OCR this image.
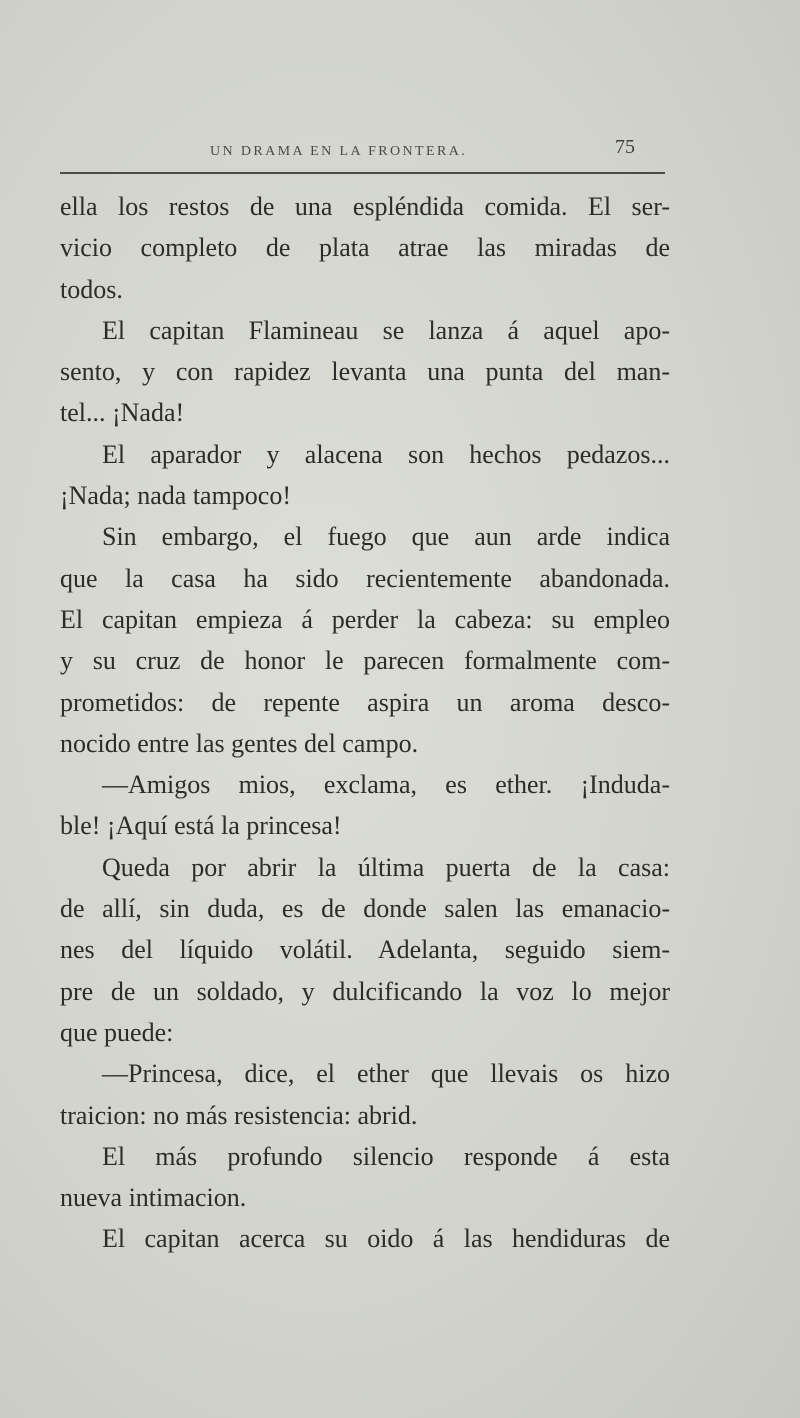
UN DRAMA EN LA FRONTERA.	75
ella los restos de una espléndida comida. El ser-
vicio completo de plata atrae las miradas de
todos.
El capitan Flamineau se lanza á aquel apo-
sento, y con rapidez levanta una punta del man-
tel... ¡Nada!
El aparador y alacena son hechos pedazos...
¡Nada; nada tampoco!
Sin embargo, el fuego que aun arde indica
que la casa ha sido recientemente abandonada.
El capitan empieza á perder la cabeza: su empleo
y su cruz de honor le parecen formalmente com-
prometidos: de repente aspira un aroma desco-
nocido entre las gentes del campo.
—Amigos mios, exclama, es ether. ¡Induda-
ble! ¡Aquí está la princesa!
Queda por abrir la última puerta de la casa:
de allí, sin duda, es de donde salen las emanacio-
nes del líquido volátil. Adelanta, seguido siem-
pre de un soldado, y dulcificando la voz lo mejor
que puede:
—Princesa, dice, el ether que llevais os hizo
traicion: no más resistencia: abrid.
El más profundo silencio responde á esta
nueva intimacion.
El capitan acerca su oido á las hendiduras de
